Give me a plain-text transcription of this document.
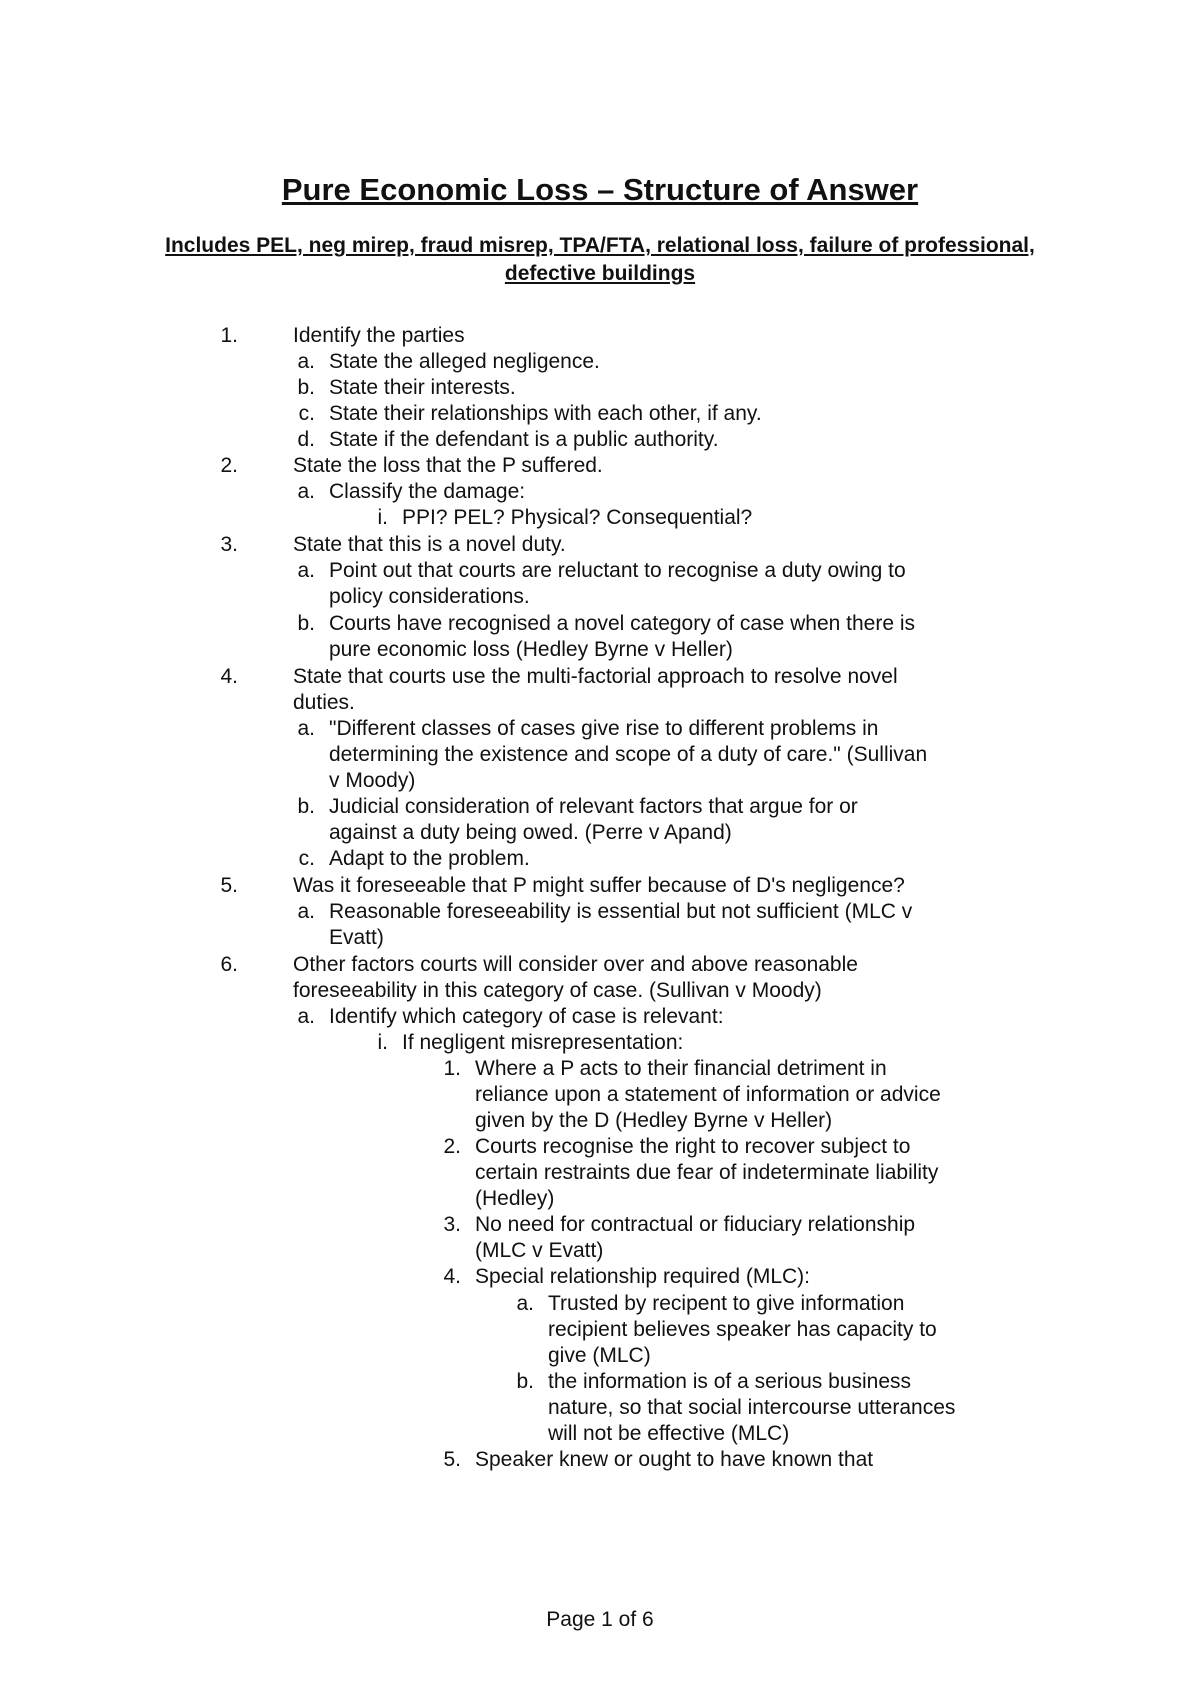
Pure Economic Loss – Structure of Answer
Includes PEL, neg mirep, fraud misrep, TPA/FTA, relational loss, failure of professional, defective buildings
1.	Identify the parties
a. State the alleged negligence.
b. State their interests.
c. State their relationships with each other, if any.
d. State if the defendant is a public authority.
2.	State the loss that the P suffered.
a. Classify the damage:
i. PPI? PEL? Physical? Consequential?
3.	State that this is a novel duty.
a. Point out that courts are reluctant to recognise a duty owing to
policy considerations.
b. Courts have recognised a novel category of case when there is
pure economic loss (Hedley Byrne v Heller)
4.	State that courts use the multi-factorial approach to resolve novel
duties.
a. "Different classes of cases give rise to different problems in
determining the existence and scope of a duty of care." (Sullivan
v Moody)
b. Judicial consideration of relevant factors that argue for or
against a duty being owed. (Perre v Apand)
c. Adapt to the problem.
5.	Was it foreseeable that P might suffer because of D's negligence?
a. Reasonable foreseeability is essential but not sufficient (MLC v
Evatt)
6.	Other factors courts will consider over and above reasonable
foreseeability in this category of case. (Sullivan v Moody)
a. Identify which category of case is relevant:
i. If negligent misrepresentation:
1. Where a P acts to their financial detriment in
reliance upon a statement of information or advice
given by the D (Hedley Byrne v Heller)
2. Courts recognise the right to recover subject to
certain restraints due fear of indeterminate liability
(Hedley)
3. No need for contractual or fiduciary relationship
(MLC v Evatt)
4. Special relationship required (MLC):
a. Trusted by recipent to give information
recipient believes speaker has capacity to
give (MLC)
b. the information is of a serious business
nature, so that social intercourse utterances
will not be effective (MLC)
5. Speaker knew or ought to have known that
Page 1 of 6
